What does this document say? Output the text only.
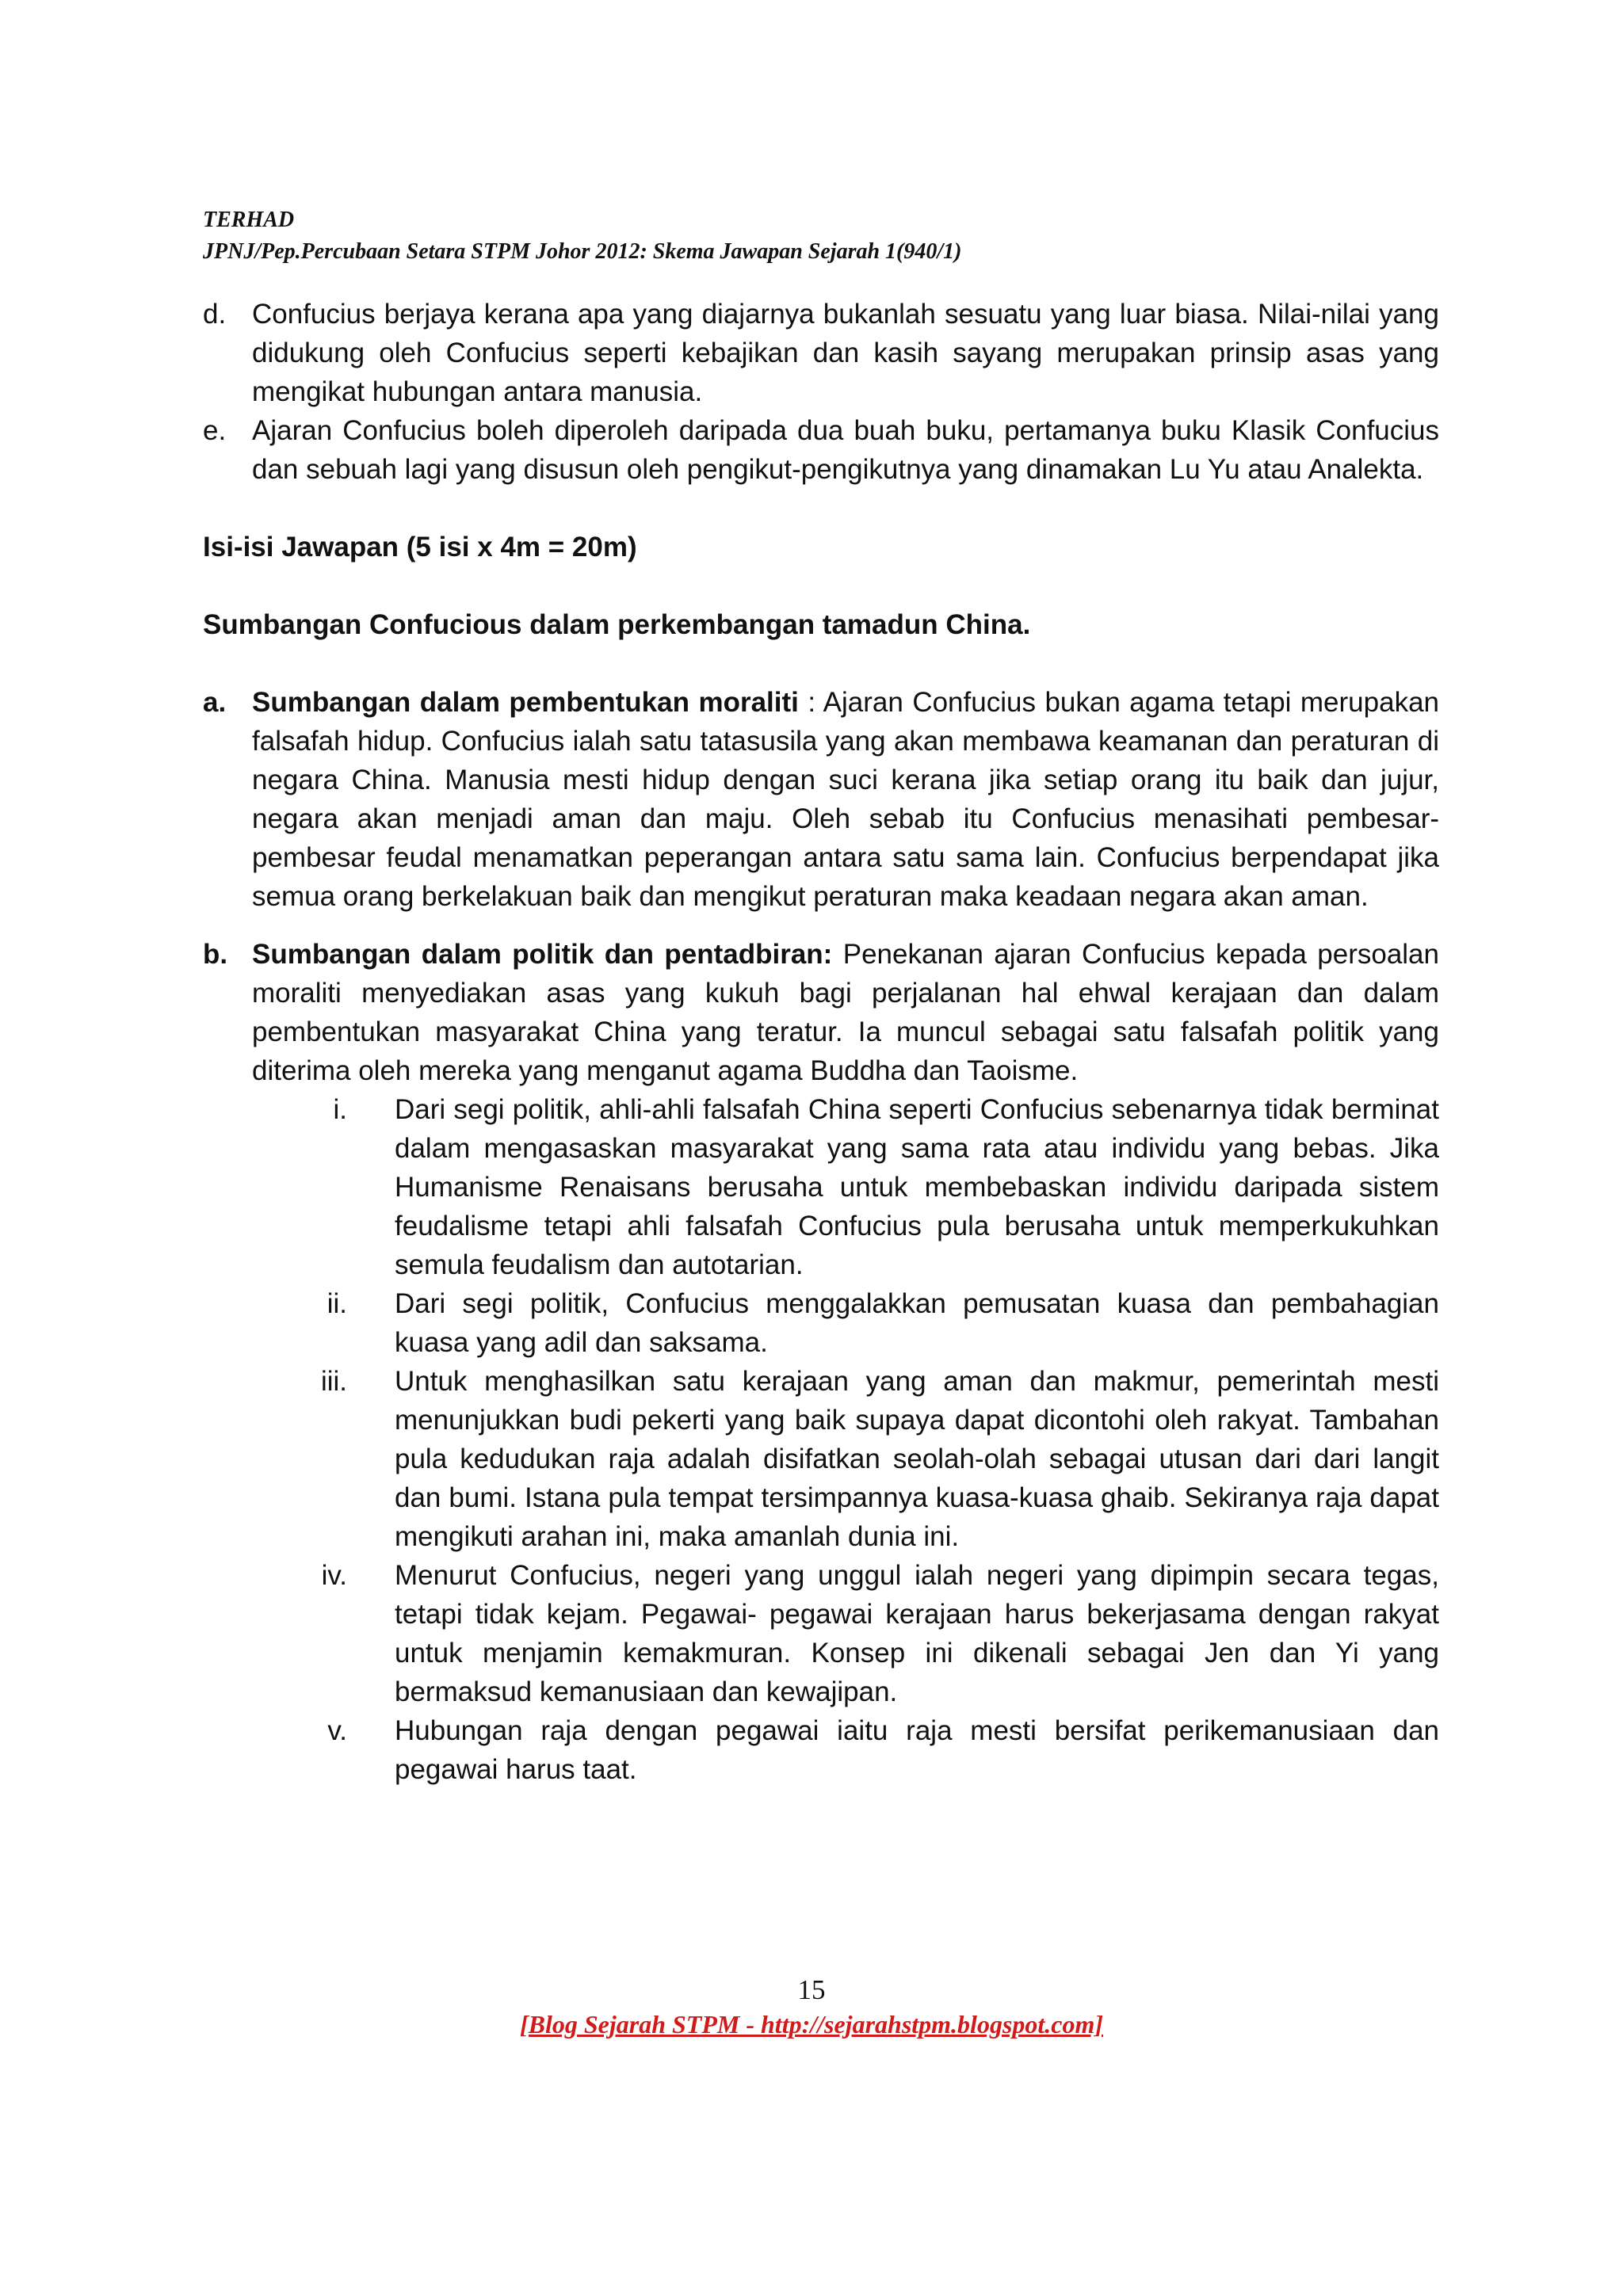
TERHAD
JPNJ/Pep.Percubaan Setara STPM Johor 2012: Skema Jawapan Sejarah 1(940/1)
d. Confucius berjaya kerana apa yang diajarnya bukanlah sesuatu yang luar biasa. Nilai-nilai yang didukung oleh Confucius seperti kebajikan dan kasih sayang merupakan prinsip asas yang mengikat hubungan antara manusia.
e. Ajaran Confucius boleh diperoleh daripada dua buah buku, pertamanya buku Klasik Confucius dan sebuah lagi yang disusun oleh pengikut-pengikutnya yang dinamakan Lu Yu atau Analekta.

Isi-isi Jawapan (5 isi x 4m = 20m)

Sumbangan Confucious dalam perkembangan tamadun China.

a. Sumbangan dalam pembentukan moraliti : Ajaran Confucius bukan agama tetapi merupakan falsafah hidup. Confucius ialah satu tatasusila yang akan membawa keamanan dan peraturan di negara China. Manusia mesti hidup dengan suci kerana jika setiap orang itu baik dan jujur, negara akan menjadi aman dan maju. Oleh sebab itu Confucius menasihati pembesar- pembesar feudal menamatkan peperangan antara satu sama lain. Confucius berpendapat jika semua orang berkelakuan baik dan mengikut peraturan maka keadaan negara akan aman.
b. Sumbangan dalam politik dan pentadbiran: Penekanan ajaran Confucius kepada persoalan moraliti menyediakan asas yang kukuh bagi perjalanan hal ehwal kerajaan dan dalam pembentukan masyarakat China yang teratur. Ia muncul sebagai satu falsafah politik yang diterima oleh mereka yang menganut agama Buddha dan Taoisme.
i. Dari segi politik, ahli-ahli falsafah China seperti Confucius sebenarnya tidak berminat dalam mengasaskan masyarakat yang sama rata atau individu yang bebas. Jika Humanisme Renaisans berusaha untuk membebaskan individu daripada sistem feudalisme tetapi ahli falsafah Confucius pula berusaha untuk memperkukuhkan semula feudalism dan autotarian.
ii. Dari segi politik, Confucius menggalakkan pemusatan kuasa dan pembahagian kuasa yang adil dan saksama.
iii. Untuk menghasilkan satu kerajaan yang aman dan makmur, pemerintah mesti menunjukkan budi pekerti yang baik supaya dapat dicontohi oleh rakyat. Tambahan pula kedudukan raja adalah disifatkan seolah-olah sebagai utusan dari dari langit dan bumi. Istana pula tempat tersimpannya kuasa-kuasa ghaib. Sekiranya raja dapat mengikuti arahan ini, maka amanlah dunia ini.
iv. Menurut Confucius, negeri yang unggul ialah negeri yang dipimpin secara tegas, tetapi tidak kejam. Pegawai- pegawai kerajaan harus bekerjasama dengan rakyat untuk menjamin kemakmuran. Konsep ini dikenali sebagai Jen dan Yi yang bermaksud kemanusiaan dan kewajipan.
v. Hubungan raja dengan pegawai iaitu raja mesti bersifat perikemanusiaan dan pegawai harus taat.
15
[Blog Sejarah STPM - http://sejarahstpm.blogspot.com]
